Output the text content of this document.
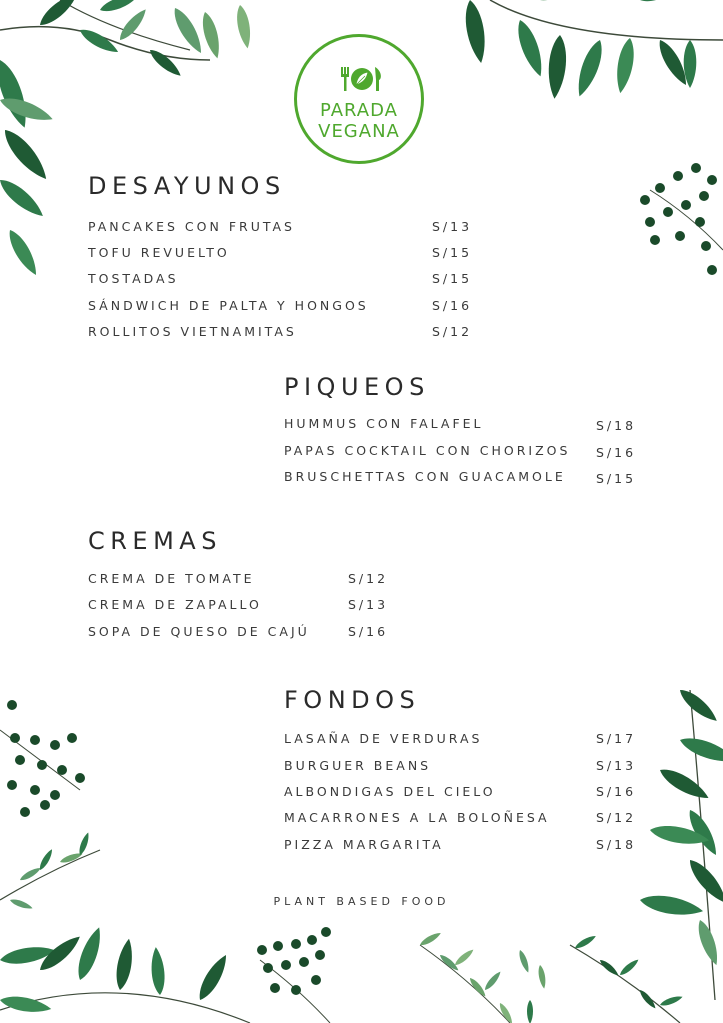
PARADA
VEGANA
DESAYUNOS
PANCAKES CON FRUTAS	S/13
TOFU REVUELTO	S/15
TOSTADAS	S/15
SÁNDWICH DE PALTA Y HONGOS	S/16
ROLLITOS VIETNAMITAS	S/12
PIQUEOS
HUMMUS CON FALAFEL	S/18
PAPAS COCKTAIL CON CHORIZOS S/16
BRUSCHETTAS CON GUACAMOLE S/15
CREMAS
CREMA DE TOMATE	S/12
CREMA DE ZAPALLO	S/13
SOPA DE QUESO DE CAJÚ	S/16
FONDOS
LASAÑA DE VERDURAS	S/17
BURGUER BEANS	S/13
ALBONDIGAS DEL CIELO	S/16
MACARRONES A LA BOLOÑESA	S/12
PIZZA MARGARITA	S/18
PLANT BASED FOOD
